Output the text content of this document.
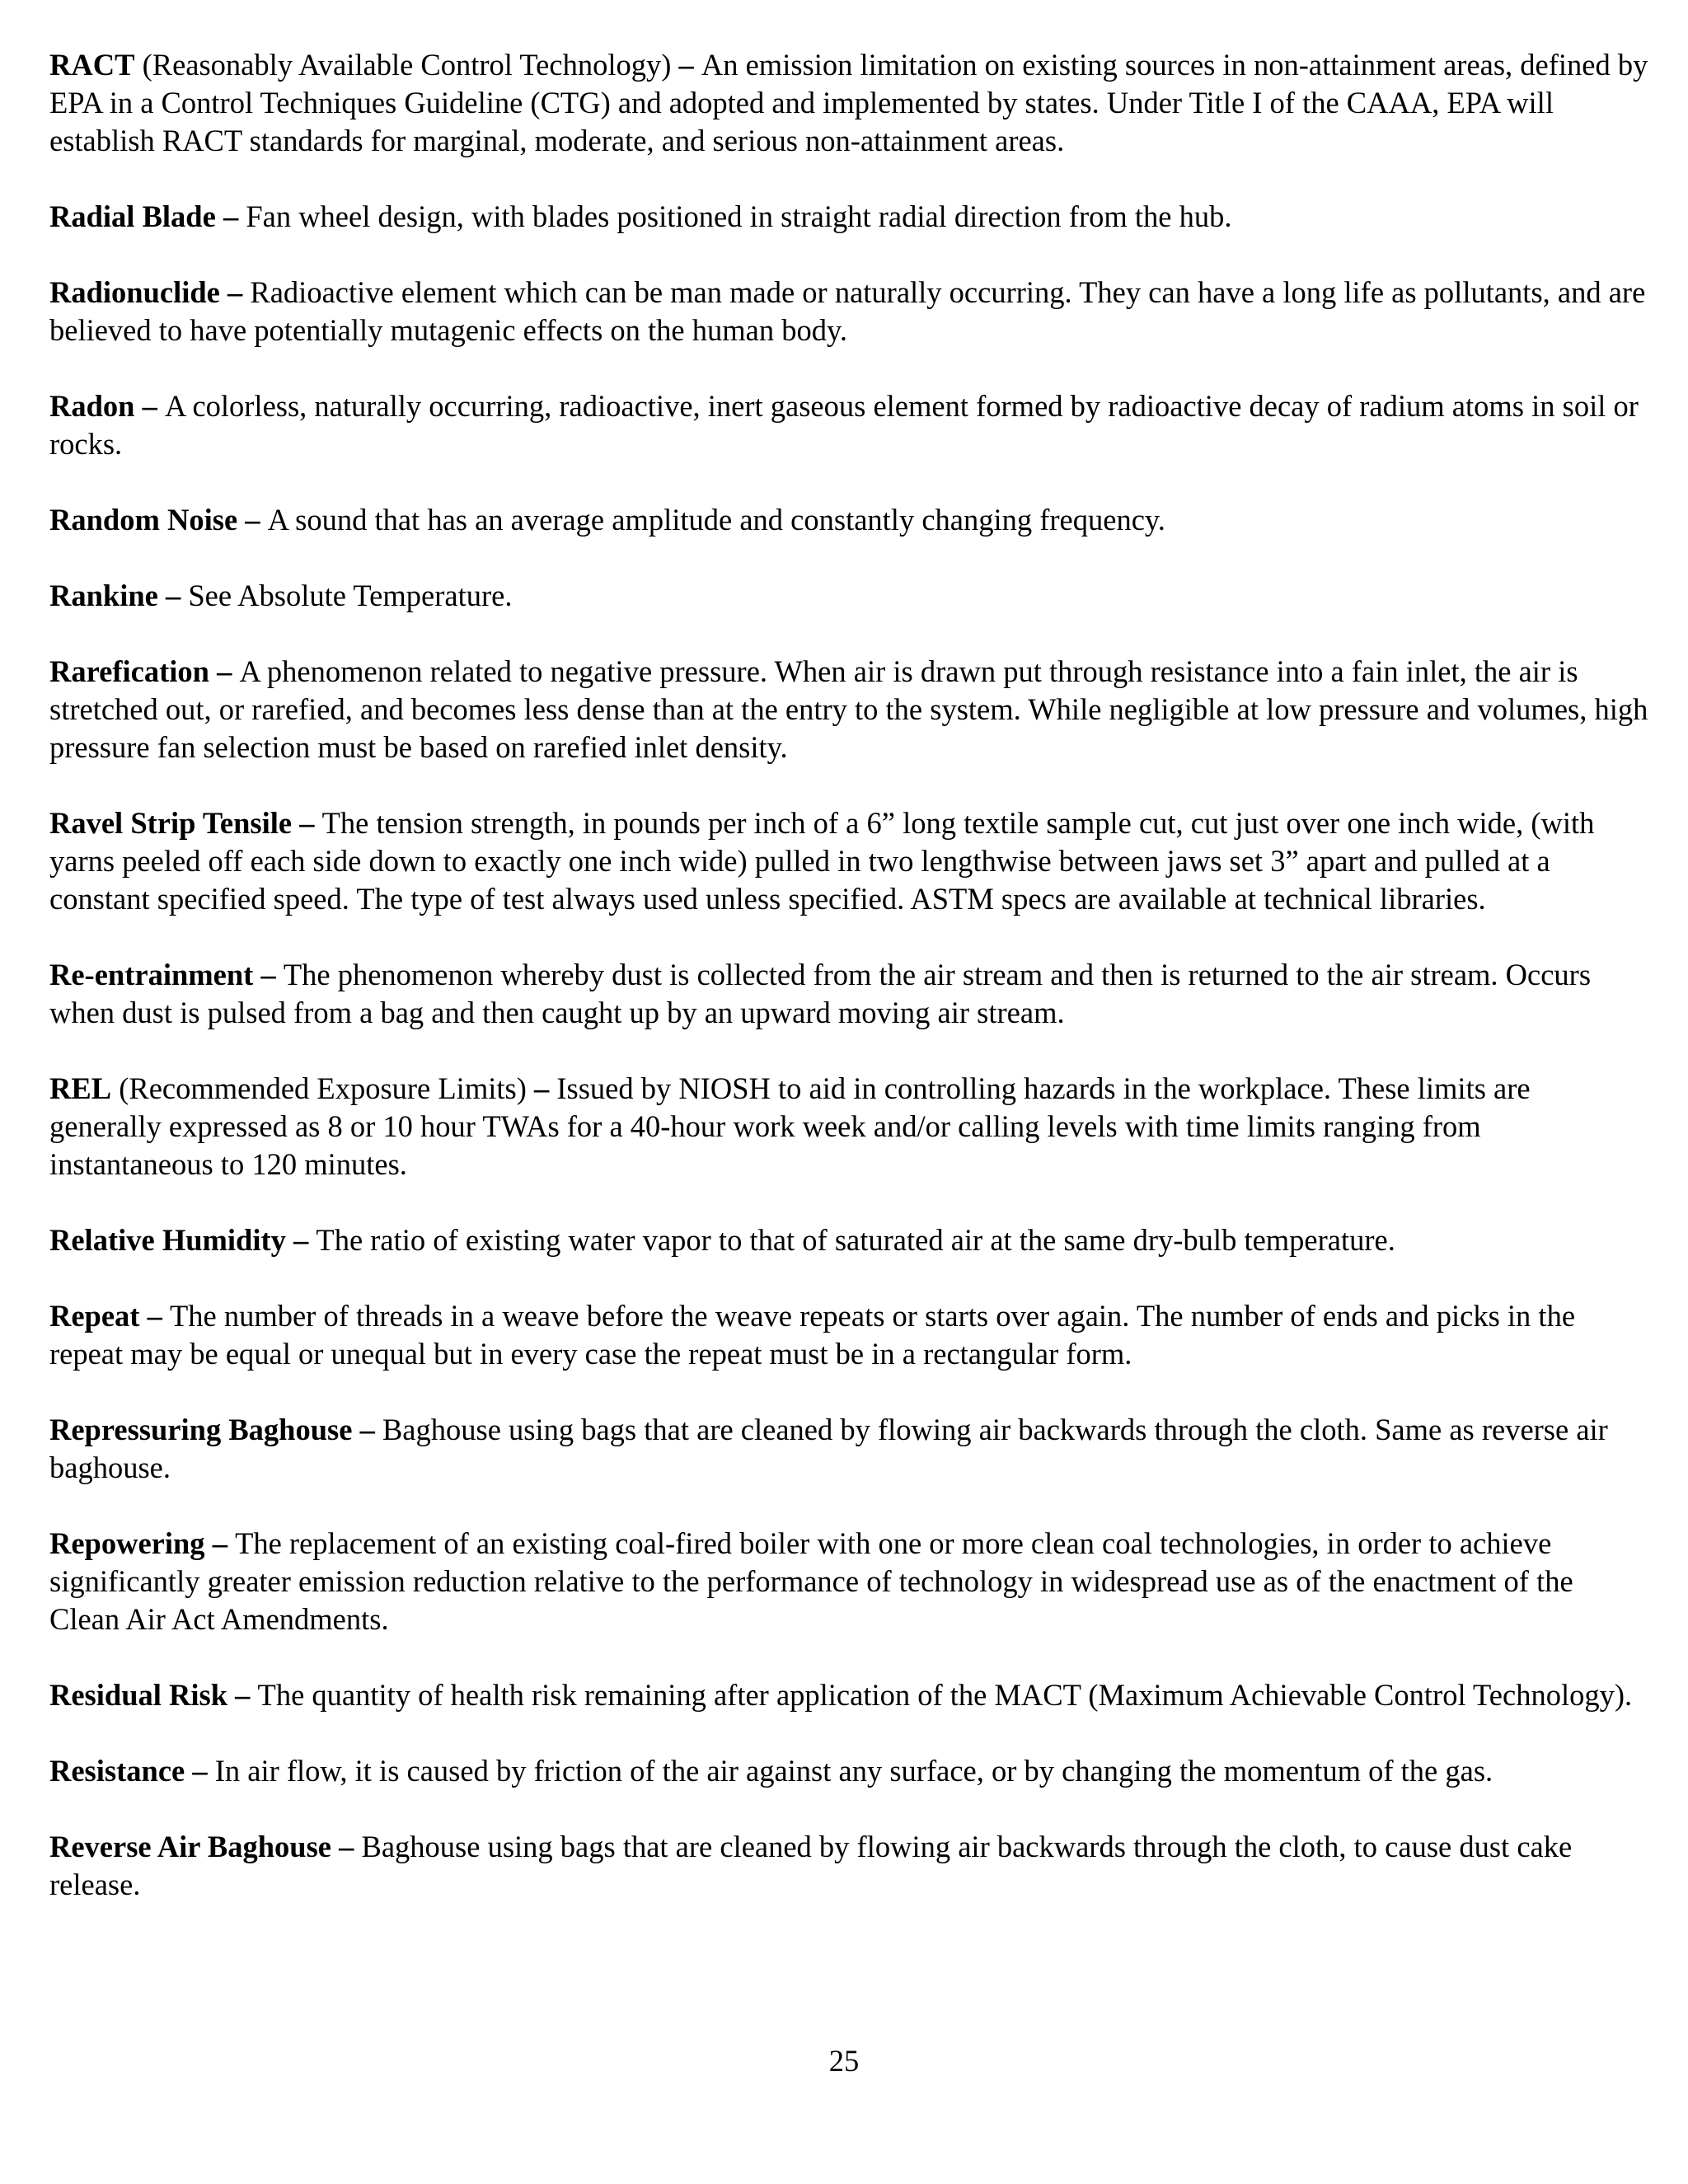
RACT (Reasonably Available Control Technology) – An emission limitation on existing sources in non-attainment areas, defined by EPA in a Control Techniques Guideline (CTG) and adopted and implemented by states. Under Title I of the CAAA, EPA will establish RACT standards for marginal, moderate, and serious non-attainment areas.

Radial Blade – Fan wheel design, with blades positioned in straight radial direction from the hub.

Radionuclide – Radioactive element which can be man made or naturally occurring. They can have a long life as pollutants, and are believed to have potentially mutagenic effects on the human body.

Radon – A colorless, naturally occurring, radioactive, inert gaseous element formed by radioactive decay of radium atoms in soil or rocks.

Random Noise – A sound that has an average amplitude and constantly changing frequency.

Rankine – See Absolute Temperature.

Rarefication – A phenomenon related to negative pressure. When air is drawn put through resistance into a fain inlet, the air is stretched out, or rarefied, and becomes less dense than at the entry to the system. While negligible at low pressure and volumes, high pressure fan selection must be based on rarefied inlet density.

Ravel Strip Tensile – The tension strength, in pounds per inch of a 6” long textile sample cut, cut just over one inch wide, (with yarns peeled off each side down to exactly one inch wide) pulled in two lengthwise between jaws set 3” apart and pulled at a constant specified speed. The type of test always used unless specified. ASTM specs are available at technical libraries.

Re-entrainment – The phenomenon whereby dust is collected from the air stream and then is returned to the air stream. Occurs when dust is pulsed from a bag and then caught up by an upward moving air stream.

REL (Recommended Exposure Limits) – Issued by NIOSH to aid in controlling hazards in the workplace. These limits are generally expressed as 8 or 10 hour TWAs for a 40-hour work week and/or calling levels with time limits ranging from instantaneous to 120 minutes.

Relative Humidity – The ratio of existing water vapor to that of saturated air at the same dry-bulb temperature.

Repeat – The number of threads in a weave before the weave repeats or starts over again. The number of ends and picks in the repeat may be equal or unequal but in every case the repeat must be in a rectangular form.

Repressuring Baghouse – Baghouse using bags that are cleaned by flowing air backwards through the cloth. Same as reverse air baghouse.

Repowering – The replacement of an existing coal-fired boiler with one or more clean coal technologies, in order to achieve significantly greater emission reduction relative to the performance of technology in widespread use as of the enactment of the Clean Air Act Amendments.

Residual Risk – The quantity of health risk remaining after application of the MACT (Maximum Achievable Control Technology).

Resistance – In air flow, it is caused by friction of the air against any surface, or by changing the momentum of the gas.

Reverse Air Baghouse – Baghouse using bags that are cleaned by flowing air backwards through the cloth, to cause dust cake release.

25
